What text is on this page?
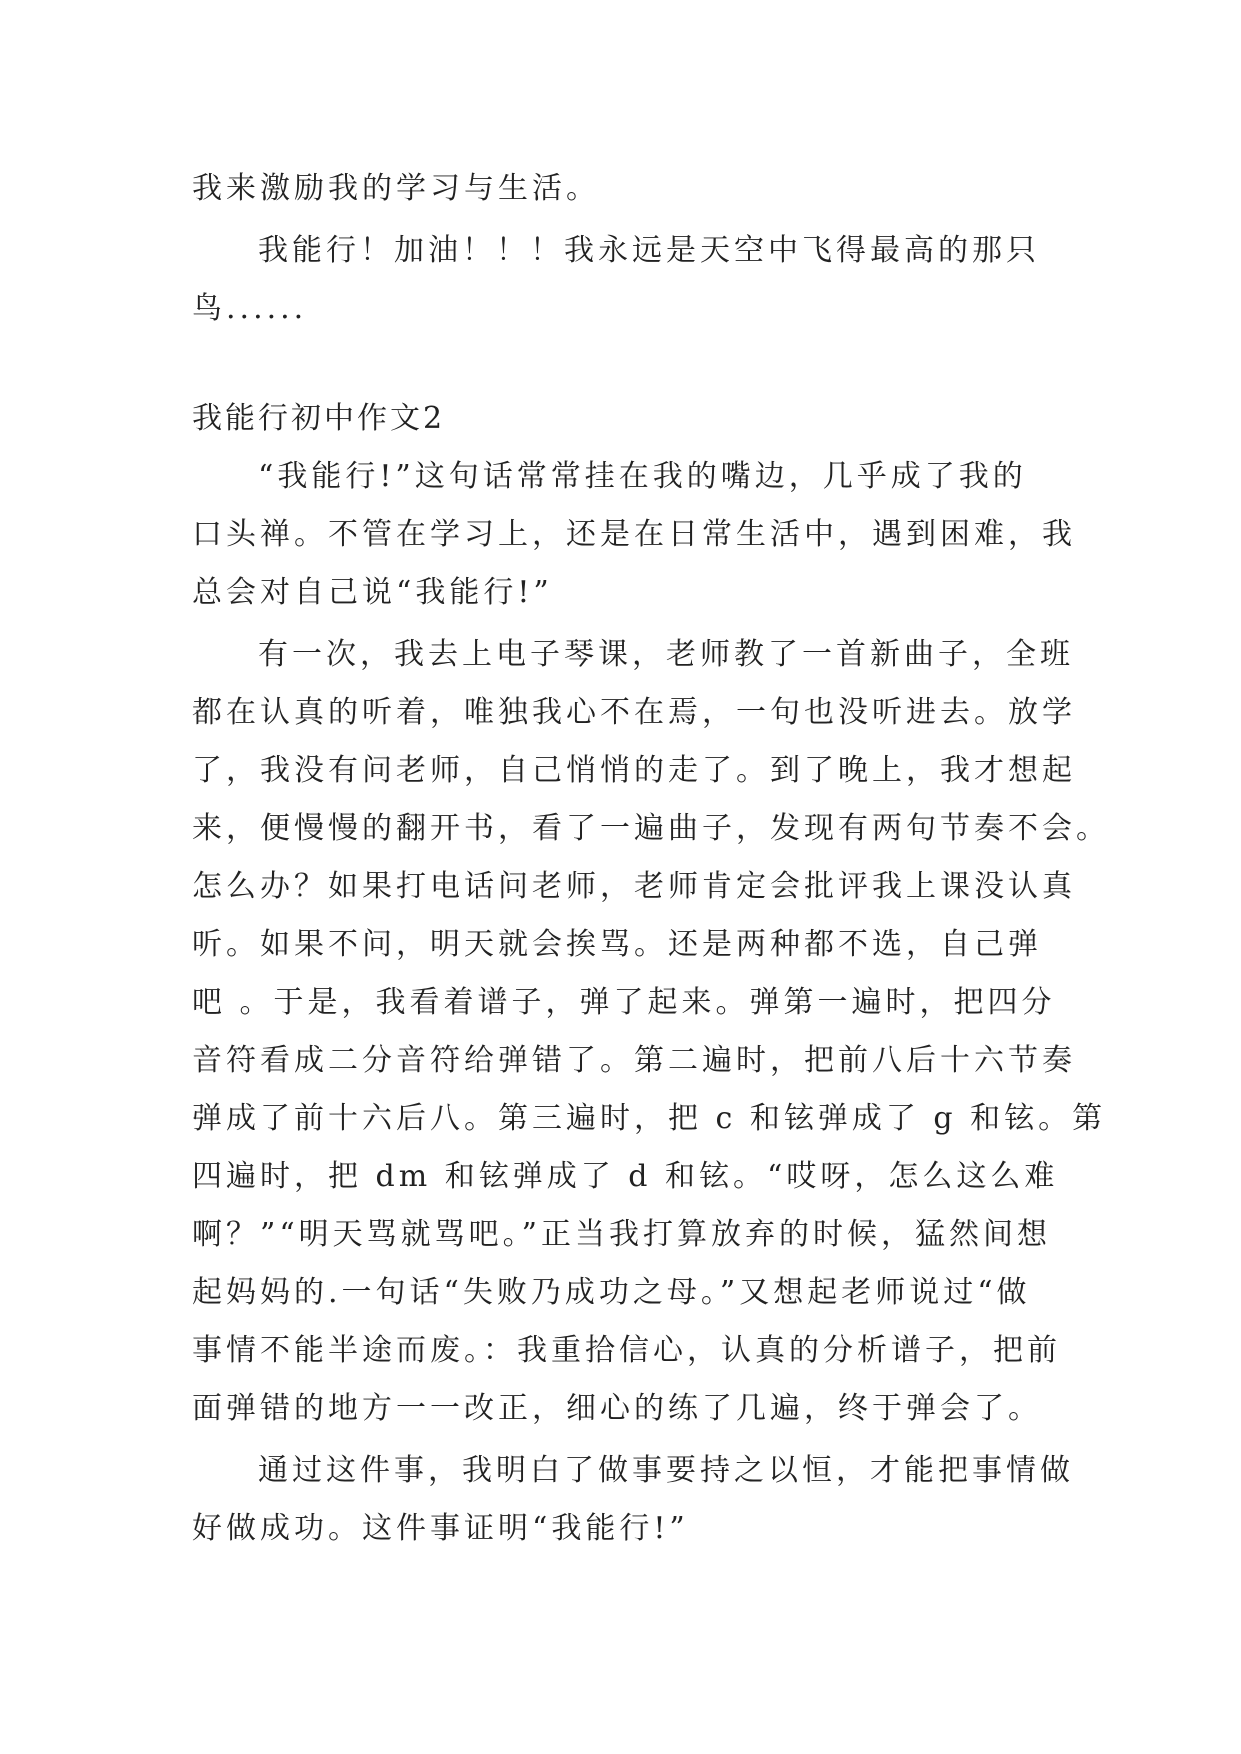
我来激励我的学习与生活。
我能行！加油！！！我永远是天空中飞得最高的那只
鸟......
我能行初中作文2
“我能行!”这句话常常挂在我的嘴边，几乎成了我的
口头禅。不管在学习上，还是在日常生活中，遇到困难，我
总会对自己说“我能行!”
有一次，我去上电子琴课，老师教了一首新曲子，全班
都在认真的听着，唯独我心不在焉，一句也没听进去。放学
了，我没有问老师，自己悄悄的走了。到了晚上，我才想起
来，便慢慢的翻开书，看了一遍曲子，发现有两句节奏不会。
怎么办？如果打电话问老师，老师肯定会批评我上课没认真
听。如果不问，明天就会挨骂。还是两种都不选，自己弹
吧 。于是，我看着谱子，弹了起来。弹第一遍时，把四分
音符看成二分音符给弹错了。第二遍时，把前八后十六节奏
弹成了前十六后八。第三遍时，把 c 和铉弹成了 g 和铉。第
四遍时，把 dm 和铉弹成了 d 和铉。“哎呀，怎么这么难
啊？”“明天骂就骂吧。”正当我打算放弃的时候，猛然间想
起妈妈的.一句话“失败乃成功之母。”又想起老师说过“做
事情不能半途而废。：我重拾信心，认真的分析谱子，把前
面弹错的地方一一改正，细心的练了几遍，终于弹会了。
通过这件事，我明白了做事要持之以恒，才能把事情做
好做成功。这件事证明“我能行!”
